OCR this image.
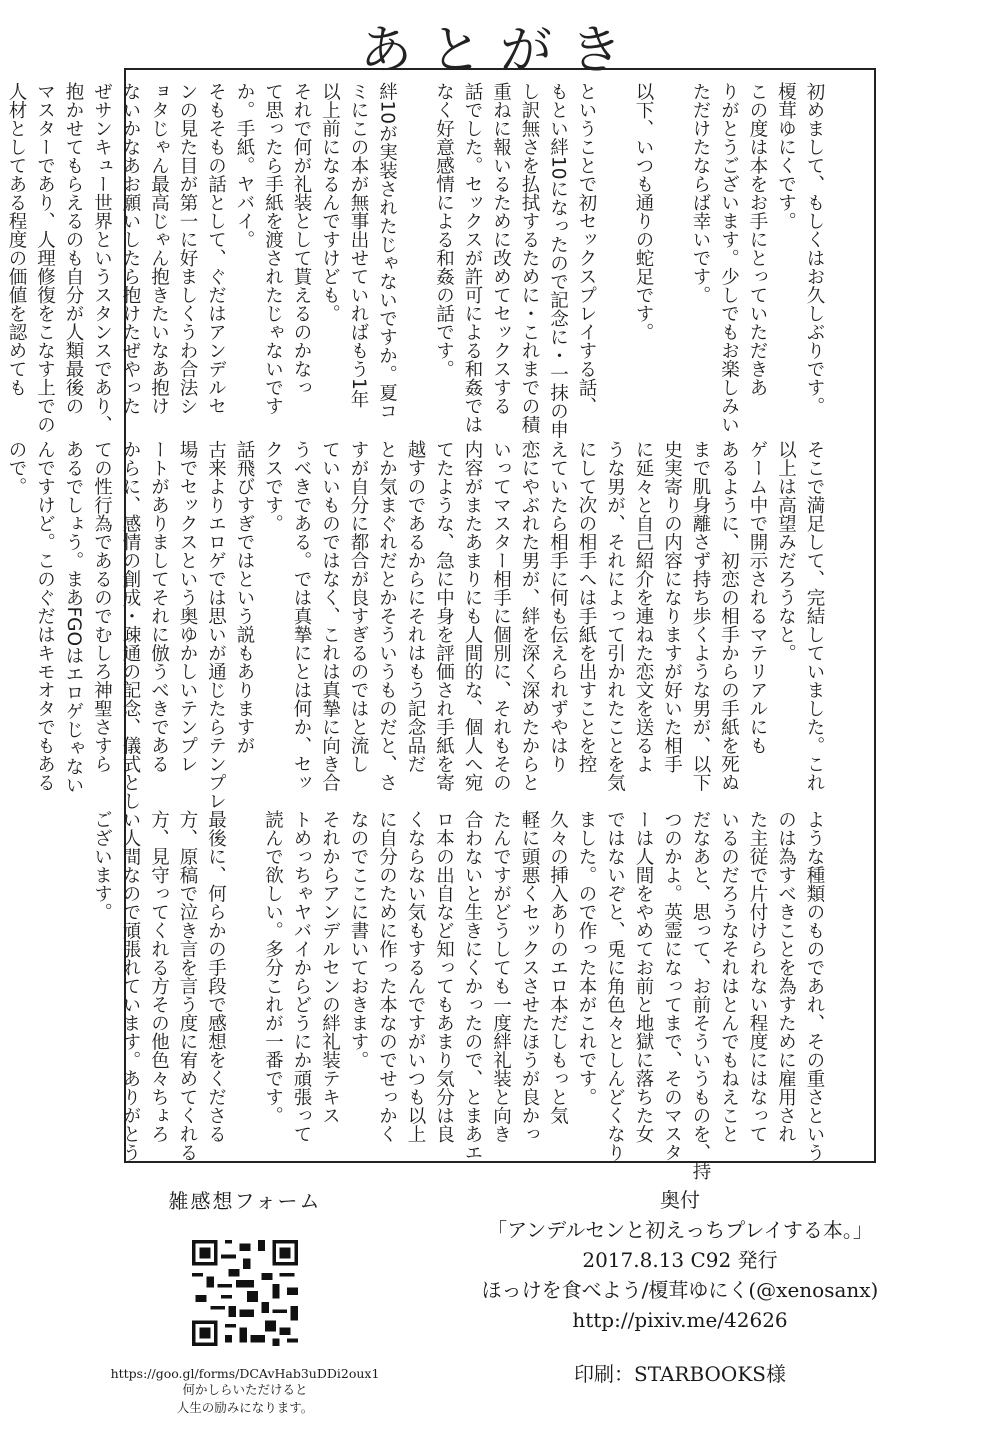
あとがき
初めまして、もしくはお久しぶりです。
榎茸ゆにくです。
この度は本をお手にとっていただきあ
りがとうございます。少しでもお楽しみい
ただけたならば幸いです。

以下、いつも通りの蛇足です。

ということで初セックスプレイする話、
もとい絆10になったので記念に・一抹の申
し訳無さを払拭するために・これまでの積
重ねに報いるために改めてセックスする
話でした。セックスが許可による和姦では
なく好意感情による和姦の話です。

絆10が実装されたじゃないですか。夏コ
ミにこの本が無事出せていればもう1年
以上前になるんですけども。
それで何が礼装として貰えるのかなっ
て思ったら手紙を渡されたじゃないです
か。手紙。ヤバイ。
そもそもの話として、ぐだはアンデルセ
ンの見た目が第一に好ましくうわ合法シ
ョタじゃん最高じゃん抱きたいなあ抱け
ないかなあお願いしたら抱けたぜやった
ぜサンキュー世界というスタンスであり、
抱かせてもらえるのも自分が人類最後の
マスターであり、人理修復をこなす上での
人材としてある程度の価値を認めても

そこで満足して、完結していました。これ
以上は高望みだろうなと。
ゲーム中で開示されるマテリアルにも
あるように、初恋の相手からの手紙を死ぬ
まで肌身離さず持ち歩くような男が、以下
史実寄りの内容になりますが好いた相手
に延々と自己紹介を連ねた恋文を送るよ
うな男が、それによって引かれたことを気
にして次の相手へは手紙を出すことを控
えていたら相手に何も伝えられずやはり
恋にやぶれた男が、絆を深く深めたからと
いってマスター相手に個別に、それもその
内容がまたあまりにも人間的な、個人へ宛
てたような、急に中身を評価され手紙を寄
越すのであるからにそれはもう記念品だ
とか気まぐれだとかそういうものだと、さ
すが自分に都合が良すぎるのではと流し
ていいものではなく、これは真摯に向き合
うべきである。では真摯にとは何か、セッ
クスです。
話飛びすぎではという説もありますが
古来よりエロゲでは思いが通じたらテンプレ
場でセックスという奥ゆかしいテンプレ
ートがありましてそれに倣うべきである
からに、感情の創成・疎通の記念、儀式とし
ての性行為であるのでむしろ神聖さすら
あるでしょう。まあFGOはエロゲじゃない
んですけど。このぐだはキモオタでもある
ので。

ような種類のものであれ、その重さという
のは為すべきことを為すために雇用され
た主従で片付けられない程度にはなって
いるのだろうなそれはとんでもねえこと
だなあと、思って、お前そういうものを、持
つのかよ。英霊になってまで、そのマスタ
ーは人間をやめてお前と地獄に落ちた女
ではないぞと、兎に角色々としんどくなり
ました。ので作った本がこれです。
久々の挿入ありのエロ本だしもっと気
軽に頭悪くセックスさせたほうが良かっ
たんですがどうしても一度絆礼装と向き
合わないと生きにくかったので、とまあエ
ロ本の出自など知ってもあまり気分は良
くならない気もするんですがいつも以上
に自分のために作った本なのでせっかく
なのでここに書いておきます。
それからアンデルセンの絆礼装テキス
トめっちゃヤバイからどうにか頑張って
読んで欲しい。多分これが一番です。

最後に、何らかの手段で感想をくださる
方、原稿で泣き言を言う度に宥めてくれる
方、見守ってくれる方その他色々ちょろ
い人間なので頑張れています。ありがとう
ございます。
雑感想フォーム
https://goo.gl/forms/DCAvHab3uDDi2oux1
何かしらいただけると
人生の励みになります。
奥付
「アンデルセンと初えっちプレイする本。」
2017.8.13 C92 発行
ほっけを食べよう/榎茸ゆにく(@xenosanx)
http://pixiv.me/42626
印刷：STARBOOKS様
